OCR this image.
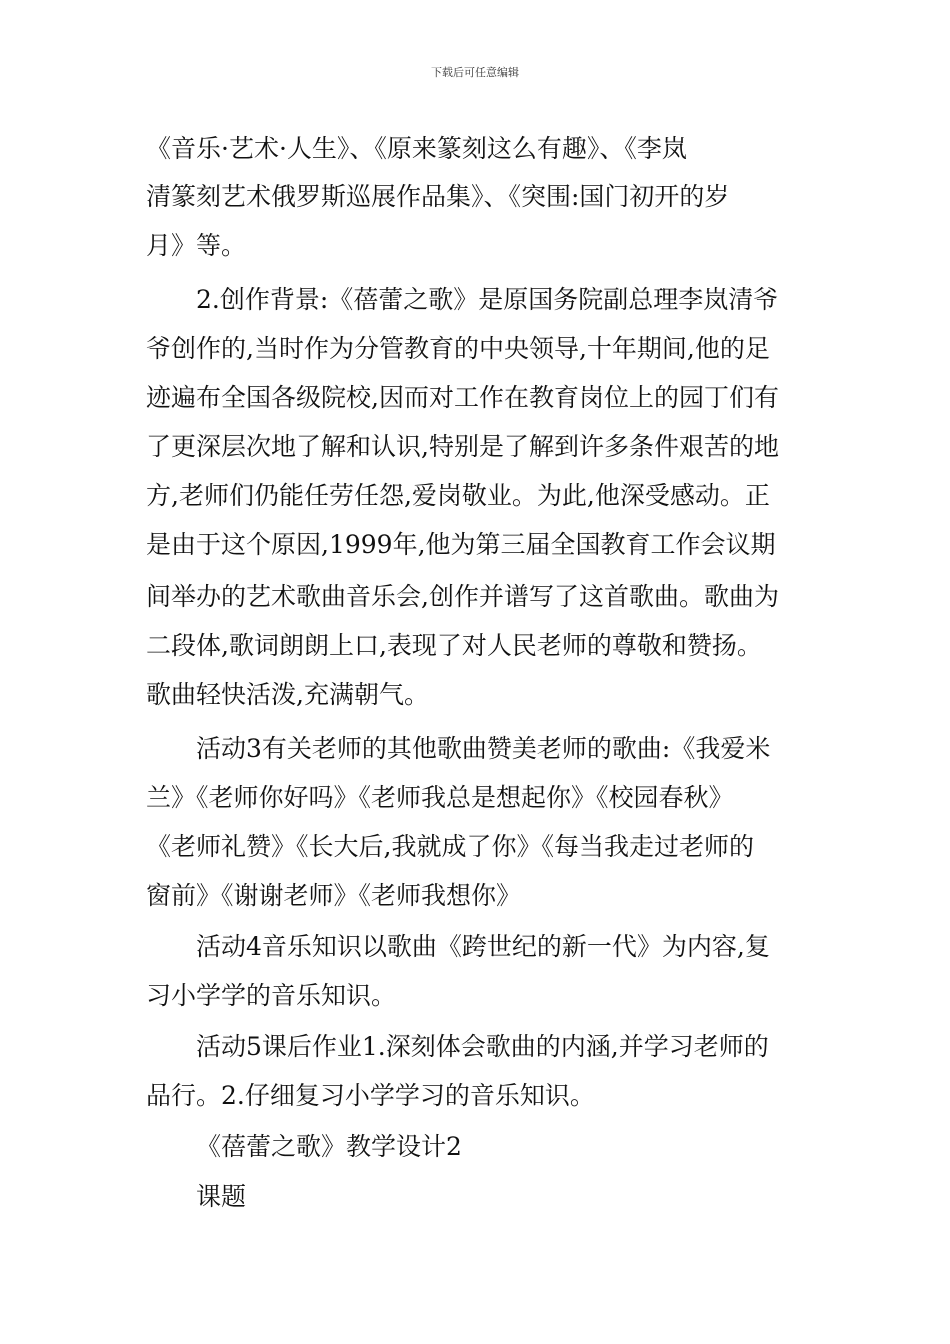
下载后可任意编辑
《音乐·艺术·人生》、《原来篆刻这么有趣》、《李岚
清篆刻艺术俄罗斯巡展作品集》、《突围:国门初开的岁
月》等。
2.创作背景:《蓓蕾之歌》是原国务院副总理李岚清爷
爷创作的,当时作为分管教育的中央领导,十年期间,他的足
迹遍布全国各级院校,因而对工作在教育岗位上的园丁们有
了更深层次地了解和认识,特别是了解到许多条件艰苦的地
方,老师们仍能任劳任怨,爱岗敬业。为此,他深受感动。正
是由于这个原因,1999年,他为第三届全国教育工作会议期
间举办的艺术歌曲音乐会,创作并谱写了这首歌曲。歌曲为
二段体,歌词朗朗上口,表现了对人民老师的尊敬和赞扬。
歌曲轻快活泼,充满朝气。
活动3有关老师的其他歌曲赞美老师的歌曲:《我爱米
兰》《老师你好吗》《老师我总是想起你》《校园春秋》
《老师礼赞》《长大后,我就成了你》《每当我走过老师的
窗前》《谢谢老师》《老师我想你》
活动4音乐知识以歌曲《跨世纪的新一代》为内容,复
习小学学的音乐知识。
活动5课后作业1.深刻体会歌曲的内涵,并学习老师的
品行。2.仔细复习小学学习的音乐知识。
《蓓蕾之歌》教学设计2
课题
